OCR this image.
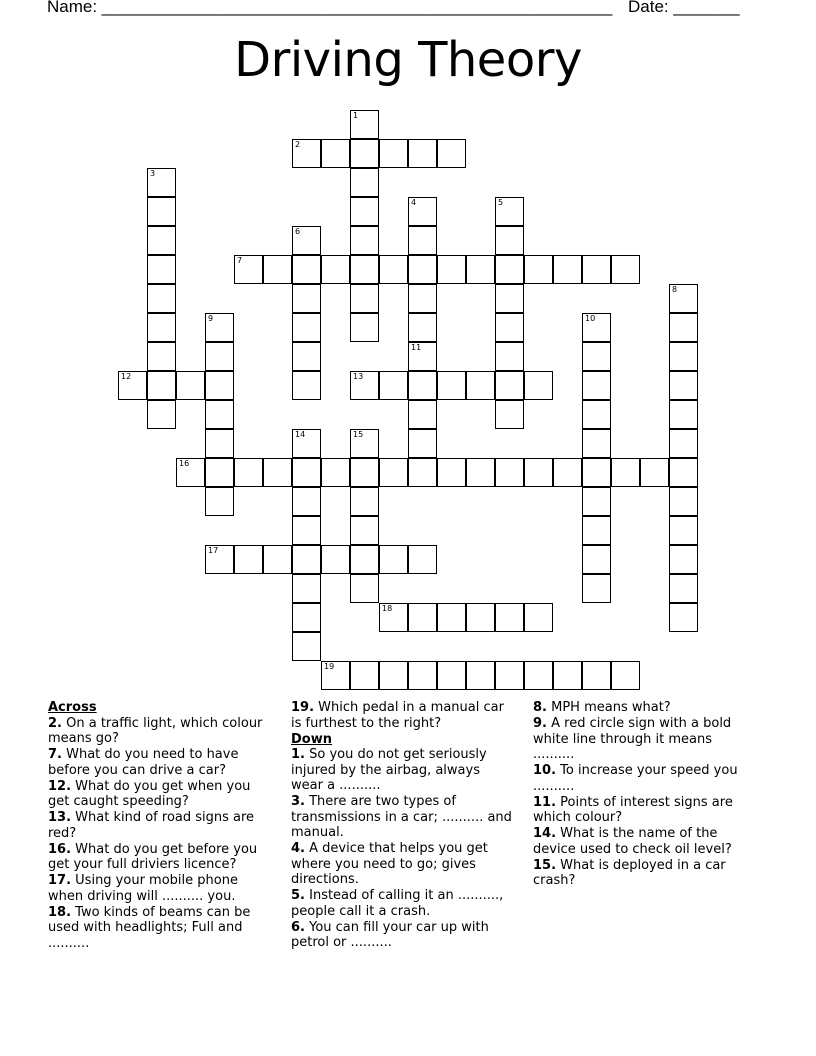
Name: ______________________________________________________ Date: _______
Driving Theory
1
2
3
4
11
5
6
7
8
9	10
12	13
14	15
16
17
18
19
Across
2. On a traffic light, which colour means go?
7. What do you need to have before you can drive a car?
12. What do you get when you get caught speeding?
13. What kind of road signs are red?
16. What do you get before you get your full driviers licence?
17. Using your mobile phone when driving will .......... you.
18. Two kinds of beams can be used with headlights; Full and ..........
19. Which pedal in a manual car is furthest to the right?
Down
1. So you do not get seriously injured by the airbag, always wear a ..........
3. There are two types of transmissions in a car; .......... and manual.
4. A device that helps you get where you need to go; gives directions.
5. Instead of calling it an .........., people call it a crash.
6. You can fill your car up with petrol or ..........
8. MPH means what?
9. A red circle sign with a bold white line through it means ..........
10. To increase your speed you ..........
11. Points of interest signs are which colour?
14. What is the name of the device used to check oil level?
15. What is deployed in a car crash?
